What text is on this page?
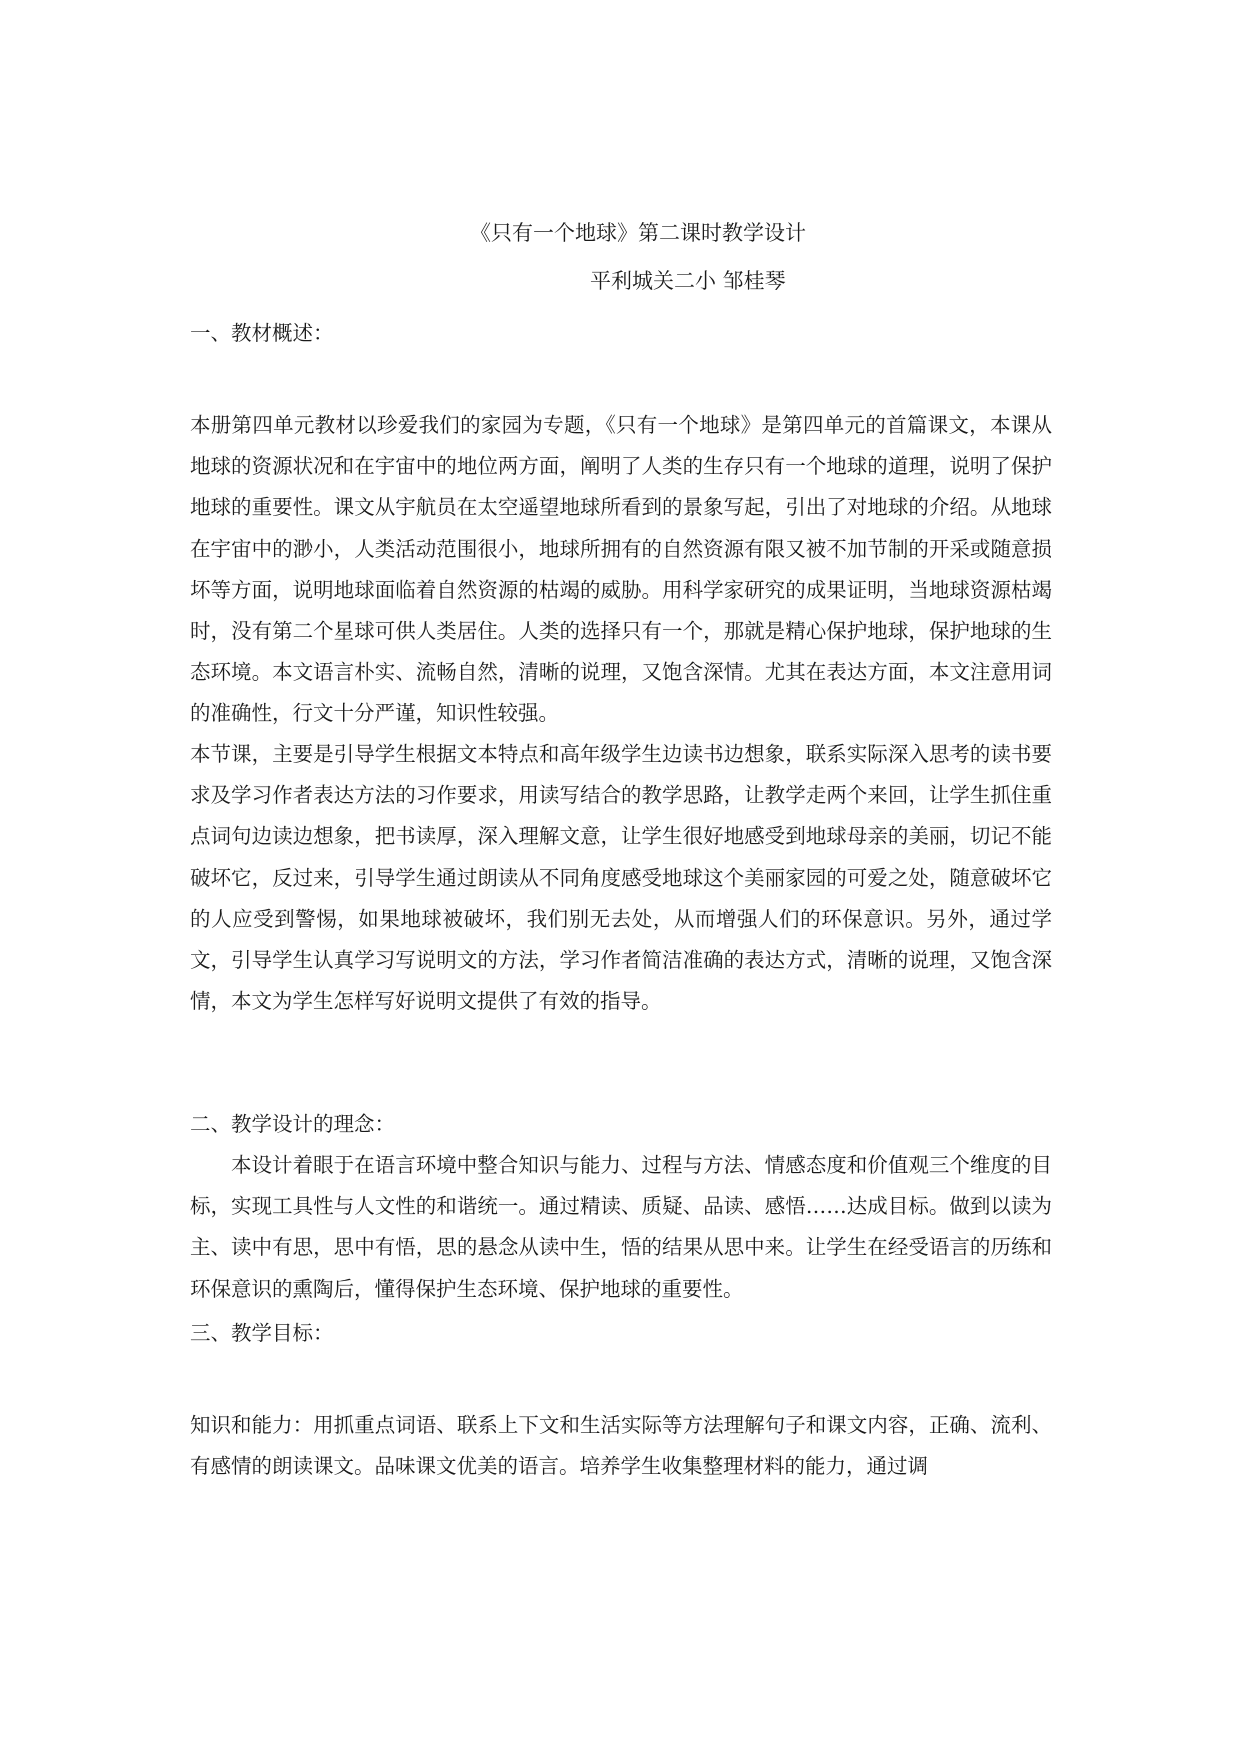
《只有一个地球》第二课时教学设计
平利城关二小 邹桂琴

一、教材概述：

本册第四单元教材以珍爱我们的家园为专题，《只有一个地球》是第四单元的首篇课文，本课从地球的资源状况和在宇宙中的地位两方面，阐明了人类的生存只有一个地球的道理，说明了保护地球的重要性。课文从宇航员在太空遥望地球所看到的景象写起，引出了对地球的介绍。从地球在宇宙中的渺小，人类活动范围很小，地球所拥有的自然资源有限又被不加节制的开采或随意损坏等方面，说明地球面临着自然资源的枯竭的威胁。用科学家研究的成果证明，当地球资源枯竭时，没有第二个星球可供人类居住。人类的选择只有一个，那就是精心保护地球，保护地球的生态环境。本文语言朴实、流畅自然，清晰的说理，又饱含深情。尤其在表达方面，本文注意用词的准确性，行文十分严谨，知识性较强。

本节课，主要是引导学生根据文本特点和高年级学生边读书边想象，联系实际深入思考的读书要求及学习作者表达方法的习作要求，用读写结合的教学思路，让教学走两个来回，让学生抓住重点词句边读边想象，把书读厚，深入理解文意，让学生很好地感受到地球母亲的美丽，切记不能破坏它，反过来，引导学生通过朗读从不同角度感受地球这个美丽家园的可爱之处，随意破坏它的人应受到警惕，如果地球被破坏，我们别无去处，从而增强人们的环保意识。另外，通过学文，引导学生认真学习写说明文的方法，学习作者简洁准确的表达方式，清晰的说理，又饱含深情，本文为学生怎样写好说明文提供了有效的指导。

二、教学设计的理念：

本设计着眼于在语言环境中整合知识与能力、过程与方法、情感态度和价值观三个维度的目标，实现工具性与人文性的和谐统一。通过精读、质疑、品读、感悟……达成目标。做到以读为主、读中有思，思中有悟，思的悬念从读中生，悟的结果从思中来。让学生在经受语言的历练和环保意识的熏陶后，懂得保护生态环境、保护地球的重要性。

三、教学目标：

知识和能力：用抓重点词语、联系上下文和生活实际等方法理解句子和课文内容，正确、流利、有感情的朗读课文。品味课文优美的语言。培养学生收集整理材料的能力，通过调
